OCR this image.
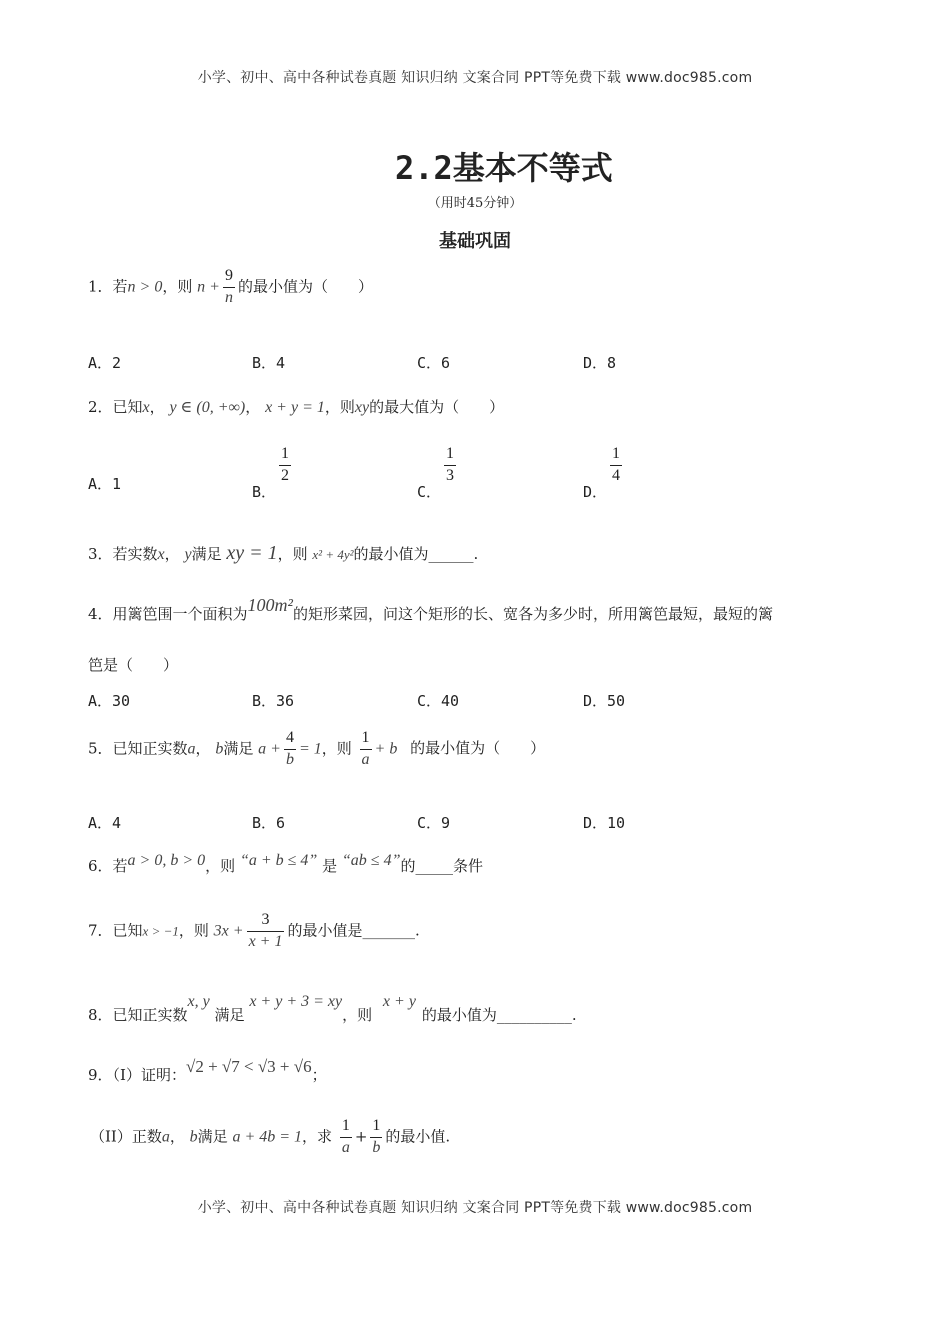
小学、初中、高中各种试卷真题 知识归纳 文案合同 PPT等免费下载 www.doc985.com
2.2基本不等式
（用时45分钟）
基础巩固
1．若n > 0，则 $n + \frac{9}{n}$ 的最小值为（　　）
A．2	B．4	C．6	D．8
2．已知x， y ∈ (0, +∞)， x + y = 1，则xy的最大值为（　　）
A．1	B．
$\frac{1}{2}$
C．
$\frac{1}{3}$
D．
$\frac{1}{4}$
3．若实数x， y满足 xy = 1，则 x² + 4y²的最小值为______.
4．用篱笆围一个面积为100m²的矩形菜园，问这个矩形的长、宽各为多少时，所用篱笆最短，最短的篱
笆是（　　）
A．30	B．36	C．40	D．50
5．已知正实数a， b满足 $a + \frac{4}{b} = 1$，则 $\frac{1}{a} + b$ 的最小值为（　　）
A．4	B．6	C．9	D．10
6．若a > 0, b > 0，则 “a + b ≤ 4” 是 “ab ≤ 4”的_____条件
7．已知x > −1，则 $3x + \frac{3}{x + 1}$ 的最小值是_______.
8．已知正实数x, y 满足 x + y + 3 = xy，则 x + y的最小值为__________.
9．（I）证明：√2 + √7 < √3 + √6；
（II）正数a， b满足 a + 4b = 1，求 $\frac{1}{a} + \frac{1}{b}$ 的最小值.
小学、初中、高中各种试卷真题 知识归纳 文案合同 PPT等免费下载 www.doc985.com
